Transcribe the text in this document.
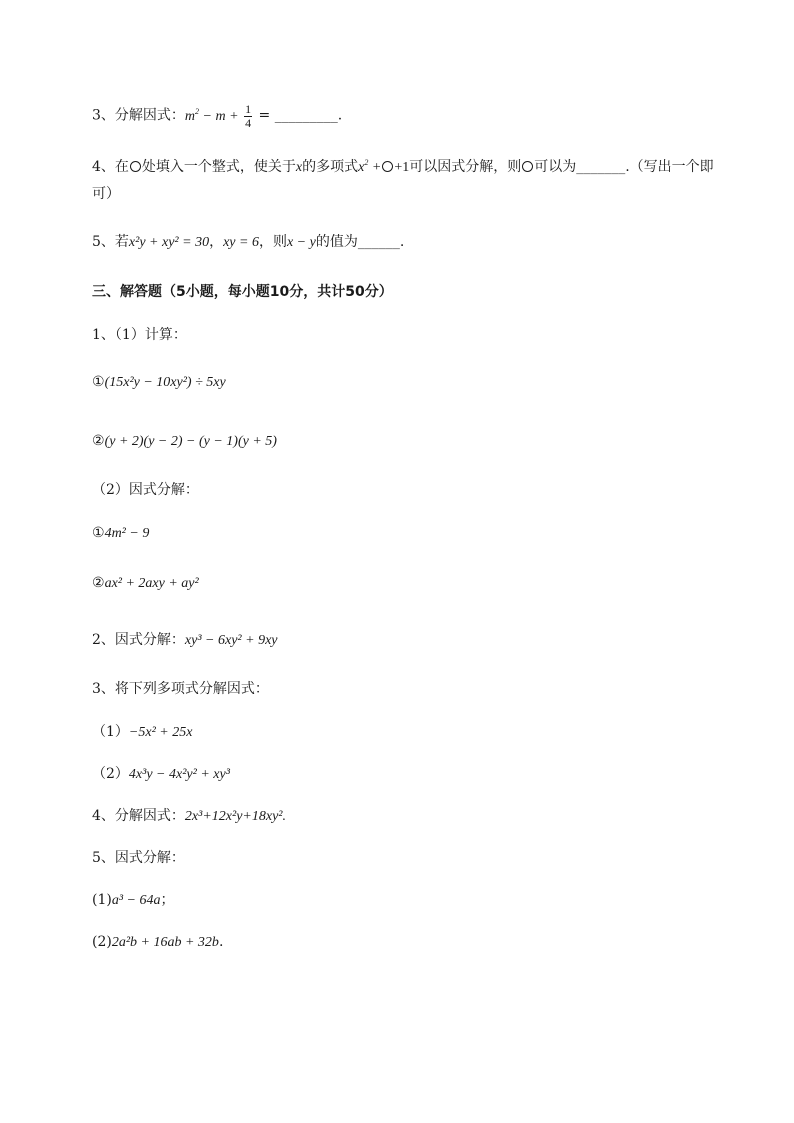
3、分解因式：$m^2 - m + \frac{1}{4}$ = _________.
4、在 处填入一个整式，使关于x的多项式$x^2 + +1$可以因式分解，则 可以为_______.（写出一个即可）
5、若x²y + xy² = 30，xy = 6，则x − y的值为______.
三、解答题（5小题，每小题10分，共计50分）
1、（1）计算：
①(15x²y − 10xy²) ÷ 5xy
②(y + 2)(y − 2) − (y − 1)(y + 5)
（2）因式分解：
①4m² − 9
②ax² + 2axy + ay²
2、因式分解：xy³ − 6xy² + 9xy
3、将下列多项式分解因式：
（1）−5x² + 25x
（2）4x³y − 4x²y² + xy³
4、分解因式：2x³+12x²y+18xy².
5、因式分解：
(1)a³ − 64a；
(2)2a²b + 16ab + 32b.
